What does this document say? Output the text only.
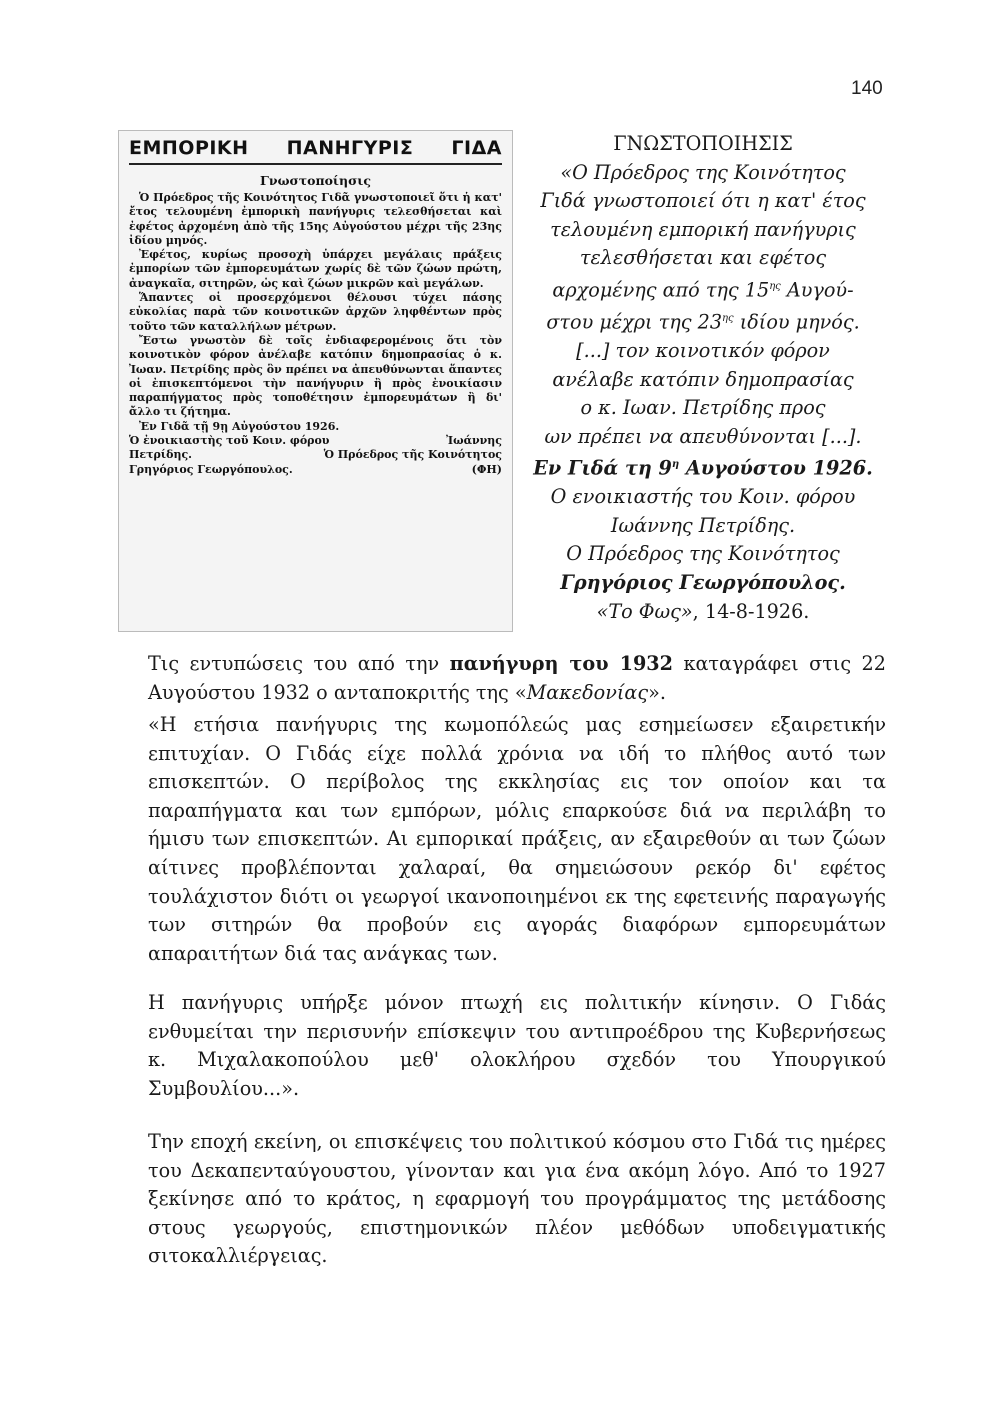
140
ΕΜΠΟΡΙΚΗ ΠΑΝΗΓΥΡΙΣ ΓΙΔΑ
Γνωστοποίησις

Ὁ Πρόεδρος τῆς Κοινότητος Γιδᾶ γνωστοποιεῖ ὅτι ἡ κατ' ἔτος τελουμένη ἐμπορικὴ πανήγυρις τελεσθήσεται καὶ ἐφέτος ἀρχομένη ἀπὸ τῆς 15ης Αὐγούστου μέχρι τῆς 23ης ἰδίου μηνός.

Ἐφέτος, κυρίως προσοχὴ ὑπάρχει μεγάλαις πράξεις ἐμπορίων τῶν ἐμπορευμάτων χωρίς δὲ τῶν ζώων πρώτη, ἀναγκαῖα, σιτηρῶν, ὡς καὶ ζώων μικρῶν καὶ μεγάλων.

Ἅπαντες οἱ προσερχόμενοι θέλουσι τύχει πάσης εὐκολίας παρὰ τῶν κοινοτικῶν ἀρχῶν ληφθέντων πρὸς τοῦτο τῶν καταλλήλων μέτρων.

Ἔστω γνωστὸν δὲ τοῖς ἐνδιαφερομένοις ὅτι τὸν κοινοτικὸν φόρον ἀνέλαβε κατόπιν δημοπρασίας ὁ κ. Ἰωαν. Πετρίδης πρὸς ὃν πρέπει να ἀπευθύνωνται ἅπαντες οἱ ἐπισκεπτόμενοι τὴν πανήγυριν ἢ πρὸς ἐνοικίασιν παραπήγματος πρὸς τοποθέτησιν ἐμπορευμάτων ἢ δι' ἄλλο τι ζήτημα.

Ἐν Γιδᾶ τῇ 9ῃ Αὐγούστου 1926.
Ὁ ἐνοικιαστὴς τοῦ Κοιν. φόρου	Ἰωάννης
Πετρίδης.	Ὁ Πρόεδρος τῆς Κοινότητος
Γρηγόριος Γεωργόπουλος.	(ΦΗ)
ΓΝΩΣΤΟΠΟΙΗΣΙΣ
«Ο Πρόεδρος της Κοινότητος
Γιδά γνωστοποιεί ότι η κατ' έτος
τελουμένη εμπορική πανήγυρις
τελεσθήσεται και εφέτος
αρχομένης από της $15^{\eta\varsigma}$ Αυγού-
στου μέχρι της $23^{\eta\varsigma}$ ιδίου μηνός.
[...] τον κοινοτικόν φόρον
ανέλαβε κατόπιν δημοπρασίας
ο κ. Ιωαν. Πετρίδης προς
ων πρέπει να απευθύνονται [...].
Εν Γιδά τη $9^\eta$ Αυγούστου 1926.
Ο ενοικιαστής του Κοιν. φόρου
Ιωάννης Πετρίδης.
Ο Πρόεδρος της Κοινότητος
Γρηγόριος Γεωργόπουλος.
«Το Φως», 14-8-1926.

Τις εντυπώσεις του από την πανήγυρη του 1932 καταγράφει στις 22 Αυγούστου 1932 ο ανταποκριτής της «Μακεδονίας».

«Η ετήσια πανήγυρις της κωμοπόλεώς μας εσημείωσεν εξαιρετικήν επιτυχίαν. Ο Γιδάς είχε πολλά χρόνια να ιδή το πλήθος αυτό των επισκεπτών. Ο περίβολος της εκκλησίας εις τον οποίον και τα παραπήγματα και των εμπόρων, μόλις επαρκούσε διά να περιλάβη το ήμισυ των επισκεπτών. Αι εμπορικαί πράξεις, αν εξαιρεθούν αι των ζώων αίτινες προβλέπονται χαλαραί, θα σημειώσουν ρεκόρ δι' εφέτος τουλάχιστον διότι οι γεωργοί ικανοποιημένοι εκ της εφετεινής παραγωγής των σιτηρών θα προβούν εις αγοράς διαφόρων εμπορευμάτων απαραιτήτων διά τας ανάγκας των.

Η πανήγυρις υπήρξε μόνον πτωχή εις πολιτικήν κίνησιν. Ο Γιδάς ενθυμείται την περισυνήν επίσκεψιν του αντιπροέδρου της Κυβερνήσεως κ. Μιχαλακοπούλου μεθ' ολοκλήρου σχεδόν του Υπουργικού Συμβουλίου...».

Την εποχή εκείνη, οι επισκέψεις του πολιτικού κόσμου στο Γιδά τις ημέρες του Δεκαπενταύγουστου, γίνονταν και για ένα ακόμη λόγο. Από το 1927 ξεκίνησε από το κράτος, η εφαρμογή του προγράμματος της μετάδοσης στους γεωργούς, επιστημονικών πλέον μεθόδων υποδειγματικής σιτοκαλλιέργειας.
